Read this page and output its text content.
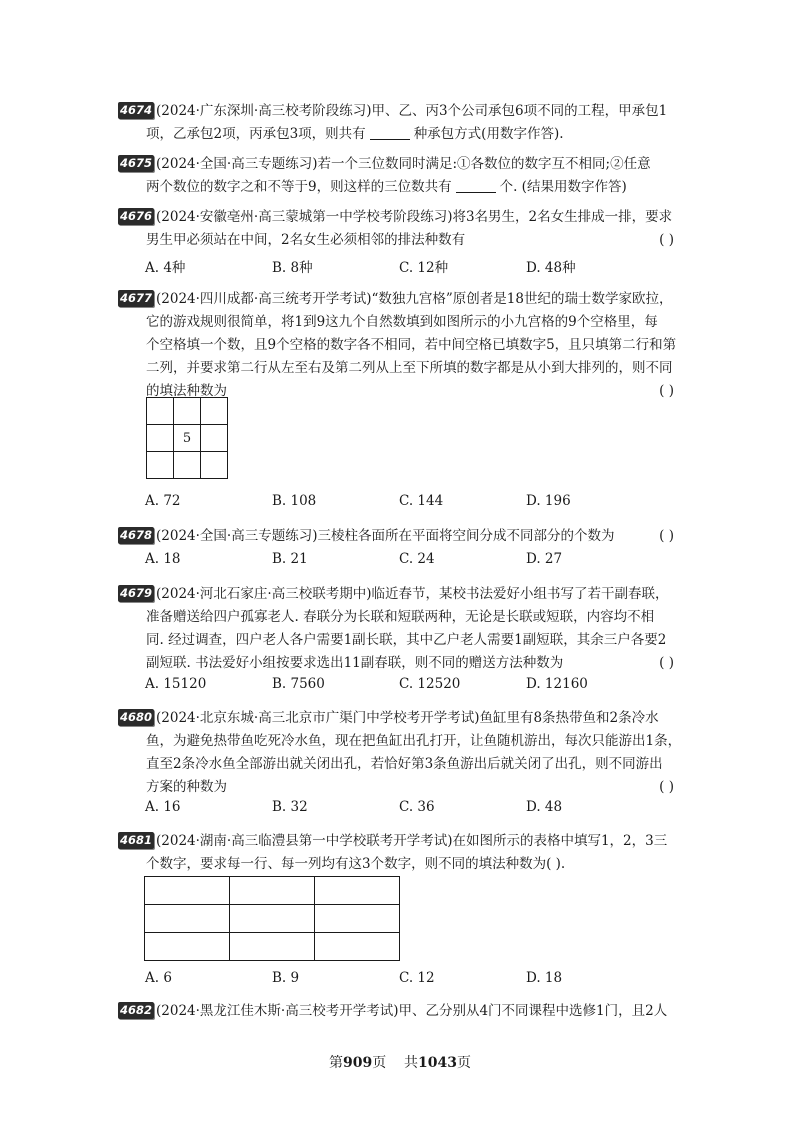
4674 (2024·广东深圳·高三校考阶段练习)甲、乙、丙3个公司承包6项不同的工程，甲承包1
项，乙承包2项，丙承包3项，则共有	种承包方式(用数字作答).
4675 (2024·全国·高三专题练习)若一个三位数同时满足:①各数位的数字互不相同;②任意
两个数位的数字之和不等于9，则这样的三位数共有	个. (结果用数字作答)
4676 (2024·安徽亳州·高三蒙城第一中学校考阶段练习)将3名男生，2名女生排成一排，要求
男生甲必须站在中间，2名女生必须相邻的排法种数有	( )
A. 4种	B. 8种	C. 12种	D. 48种
4677 (2024·四川成都·高三统考开学考试)“数独九宫格”原创者是18世纪的瑞士数学家欧拉，
它的游戏规则很简单，将1到9这九个自然数填到如图所示的小九宫格的9个空格里，每
个空格填一个数，且9个空格的数字各不相同，若中间空格已填数字5，且只填第二行和第
二列，并要求第二行从左至右及第二列从上至下所填的数字都是从小到大排列的，则不同
的填法种数为	( )

	5	

A. 72	B. 108	C. 144	D. 196
4678 (2024·全国·高三专题练习)三棱柱各面所在平面将空间分成不同部分的个数为	( )
A. 18	B. 21	C. 24	D. 27
4679 (2024·河北石家庄·高三校联考期中)临近春节，某校书法爱好小组书写了若干副春联，
准备赠送给四户孤寡老人. 春联分为长联和短联两种，无论是长联或短联，内容均不相
同. 经过调查，四户老人各户需要1副长联，其中乙户老人需要1副短联，其余三户各要2
副短联. 书法爱好小组按要求选出11副春联，则不同的赠送方法种数为	( )
A. 15120	B. 7560	C. 12520	D. 12160
4680 (2024·北京东城·高三北京市广渠门中学校考开学考试)鱼缸里有8条热带鱼和2条冷水
鱼，为避免热带鱼吃死冷水鱼，现在把鱼缸出孔打开，让鱼随机游出，每次只能游出1条，
直至2条冷水鱼全部游出就关闭出孔，若恰好第3条鱼游出后就关闭了出孔，则不同游出
方案的种数为	( )
A. 16	B. 32	C. 36	D. 48
4681 (2024·湖南·高三临澧县第一中学校联考开学考试)在如图所示的表格中填写1，2，3三
个数字，要求每一行、每一列均有这3个数字，则不同的填法种数为( ).

A. 6	B. 9	C. 12	D. 18
4682 (2024·黑龙江佳木斯·高三校考开学考试)甲、乙分别从4门不同课程中选修1门，且2人
第909页 共1043页
